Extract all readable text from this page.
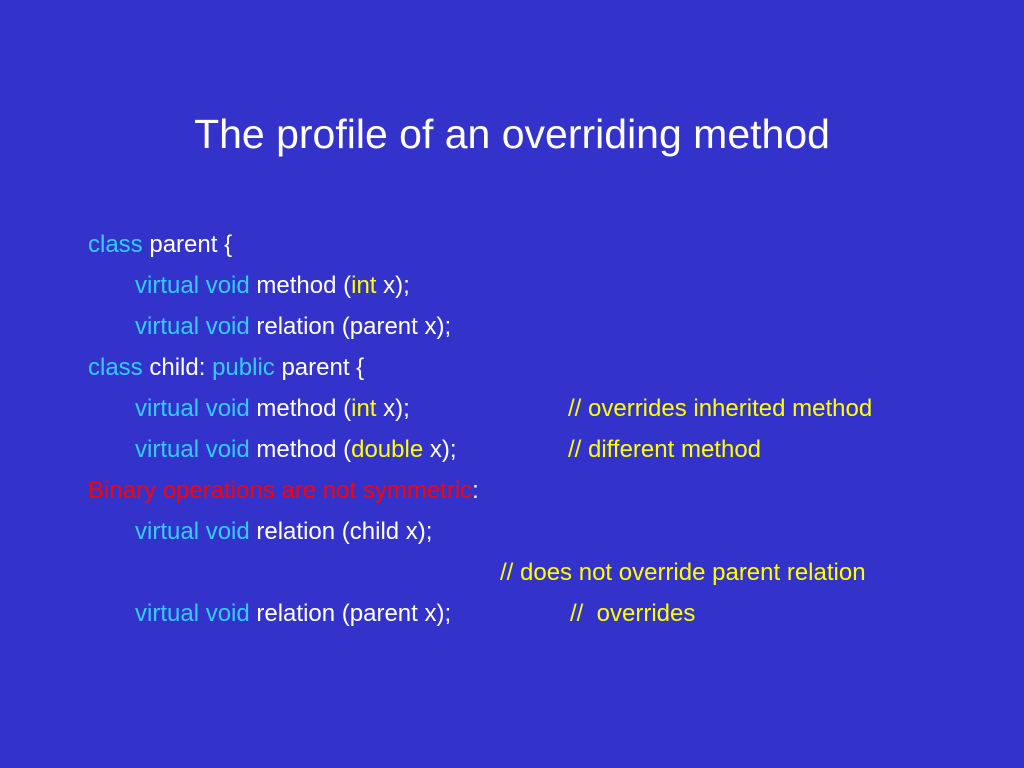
The profile of an overriding method
class parent {
virtual void method (int x);
virtual void relation (parent x);
class child: public parent {
virtual void method (int x);	// overrides inherited method
virtual void method (double x);	// different method
Binary operations are not symmetric:
virtual void relation (child x);
// does not override parent relation
virtual void relation (parent x);	//  overrides
